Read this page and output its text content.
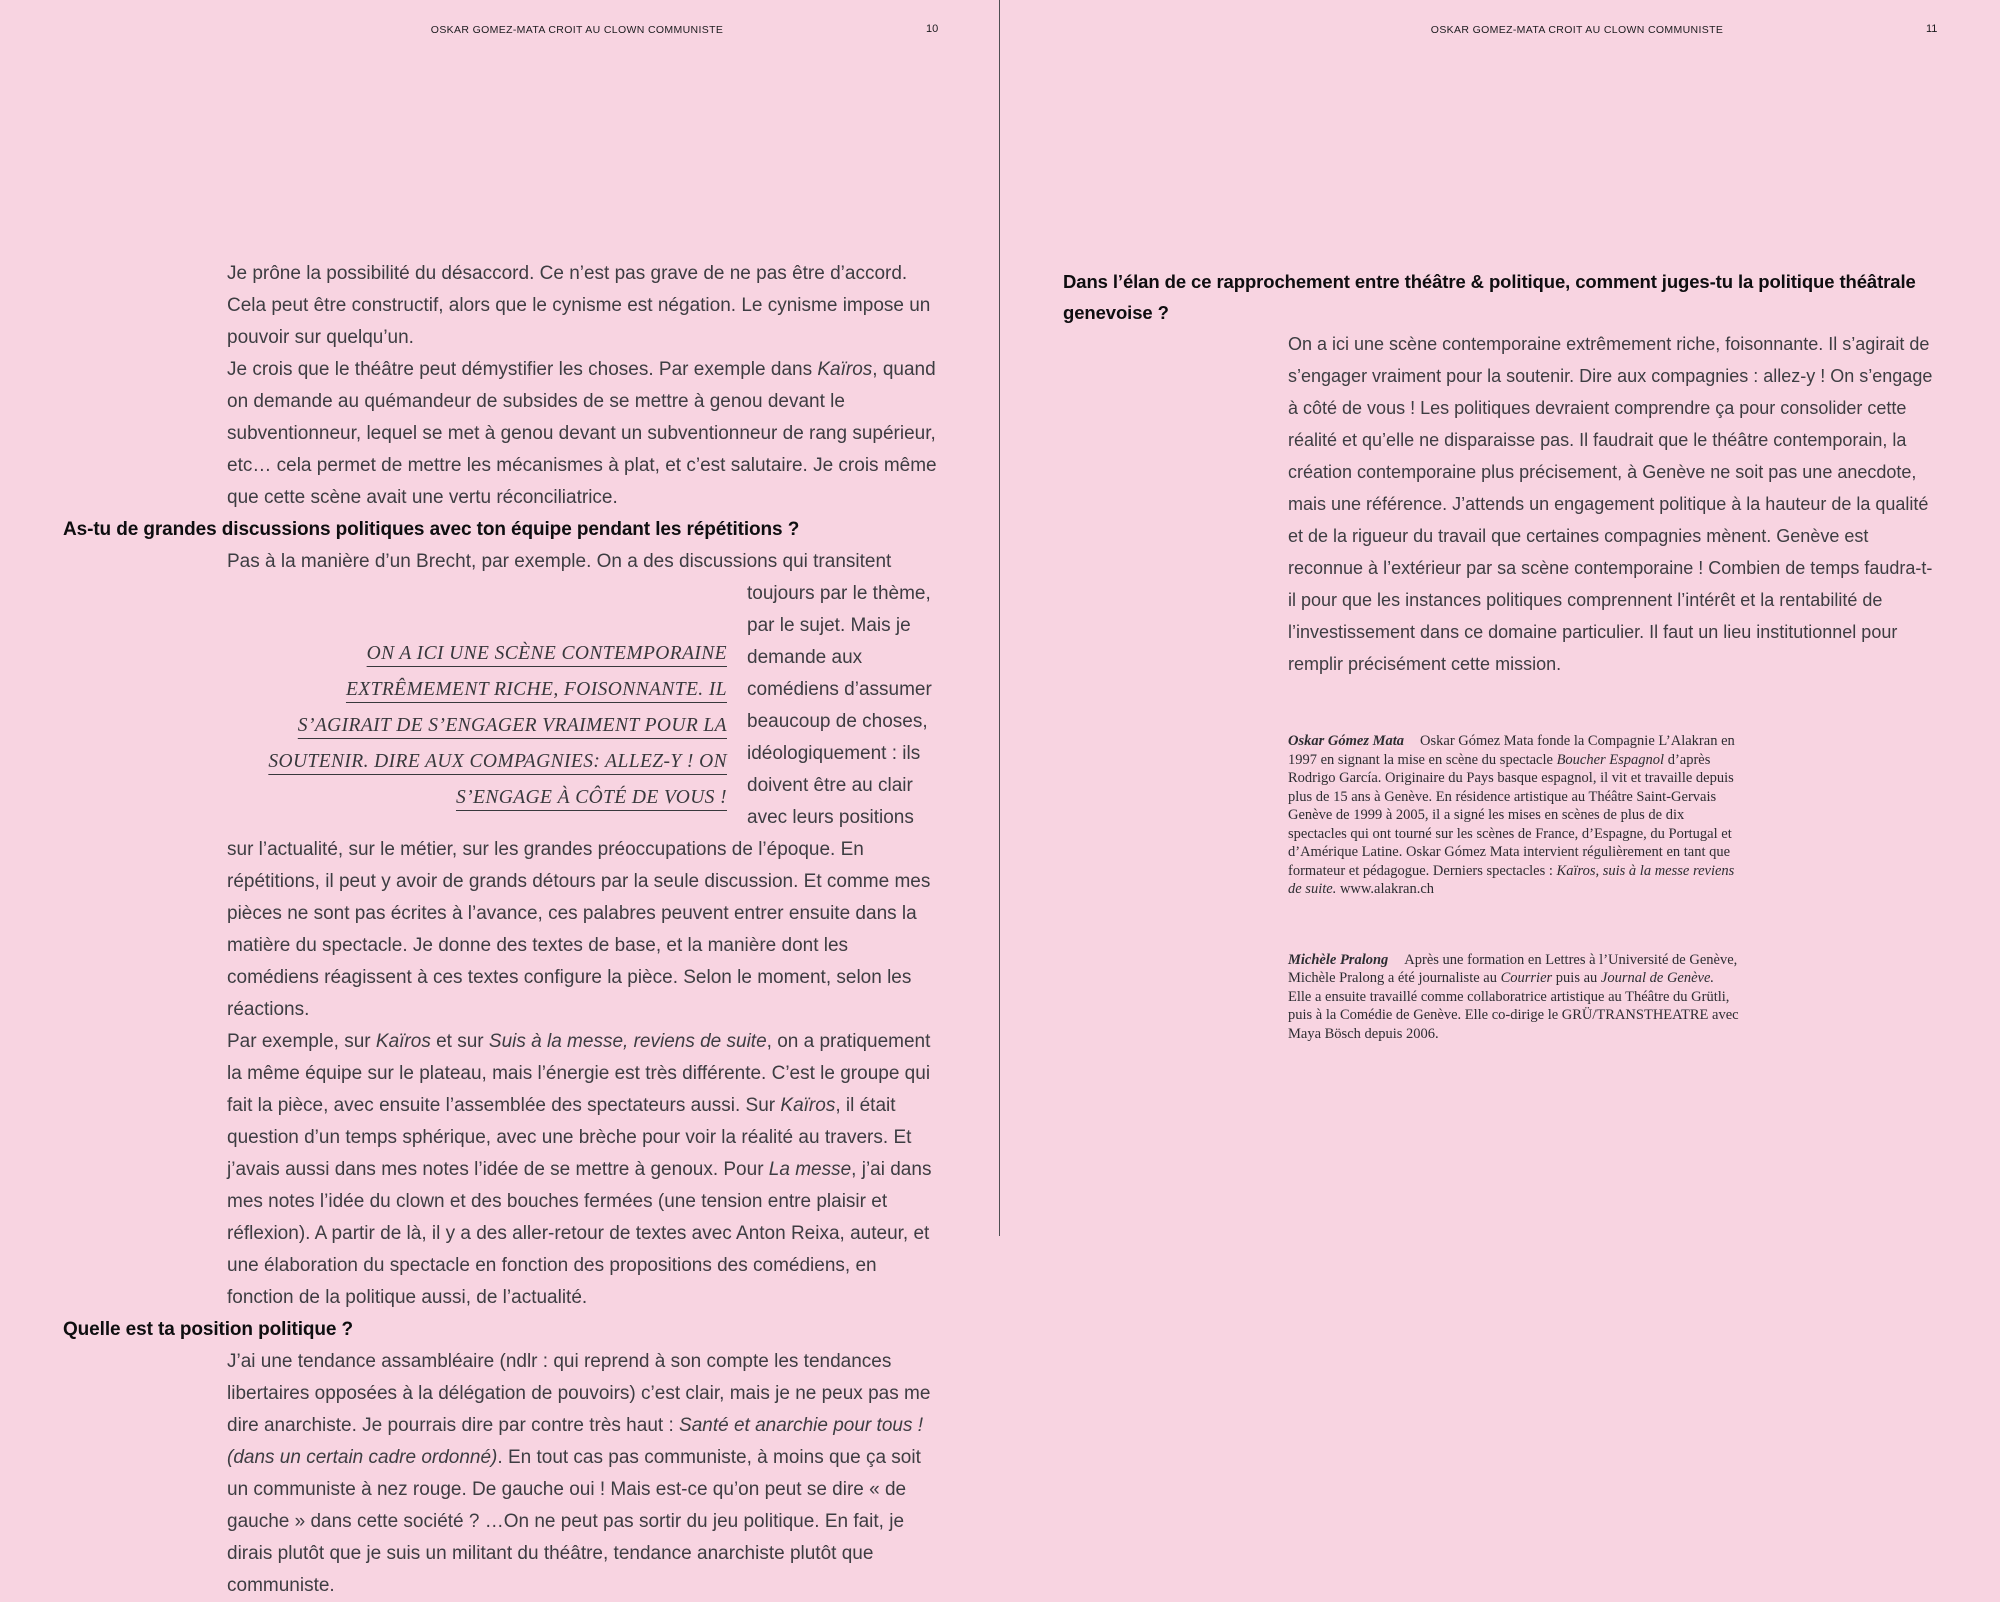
OSKAR GOMEZ-MATA CROIT AU CLOWN COMMUNISTE	10	OSKAR GOMEZ-MATA CROIT AU CLOWN COMMUNISTE	11
Je prône la possibilité du désaccord. Ce n’est pas grave de ne pas être d’accord. Cela peut être constructif, alors que le cynisme est négation. Le cynisme impose un pouvoir sur quelqu’un.
Je crois que le théâtre peut démystifier les choses. Par exemple dans Kaïros, quand on demande au quémandeur de subsides de se mettre à genou devant le subventionneur, lequel se met à genou devant un subventionneur de rang supérieur, etc… cela permet de mettre les mécanismes à plat, et c’est salutaire. Je crois même que cette scène avait une vertu réconciliatrice.
As-tu de grandes discussions politiques avec ton équipe pendant les répétitions ?
Pas à la manière d’un Brecht, par exemple. On a des discussions qui transitent
ON A ICI UNE SCÈNE CONTEMPORAINE
EXTRÊMEMENT RICHE, FOISONNANTE. IL
S’AGIRAIT DE S’ENGAGER VRAIMENT POUR LA
SOUTENIR. DIRE AUX COMPAGNIES: ALLEZ-Y ! ON
S’ENGAGE À CÔTÉ DE VOUS !
toujours par le thème, par le sujet. Mais je demande aux comédiens d’assumer beaucoup de choses, idéologiquement : ils doivent être au clair avec leurs positions sur l’actualité, sur le métier, sur les grandes préoccupations de l’époque. En répétitions, il peut y avoir de grands détours par la seule discussion. Et comme mes pièces ne sont pas écrites à l’avance, ces palabres peuvent entrer ensuite dans la matière du spectacle. Je donne des textes de base, et la manière dont les comédiens réagissent à ces textes configure la pièce. Selon le moment, selon les réactions.
Par exemple, sur Kaïros et sur Suis à la messe, reviens de suite, on a pratiquement la même équipe sur le plateau, mais l’énergie est très différente. C’est le groupe qui fait la pièce, avec ensuite l’assemblée des spectateurs aussi. Sur Kaïros, il était question d’un temps sphérique, avec une brèche pour voir la réalité au travers. Et j’avais aussi dans mes notes l’idée de se mettre à genoux. Pour La messe, j’ai dans mes notes l’idée du clown et des bouches fermées (une tension entre plaisir et réflexion). A partir de là, il y a des aller-retour de textes avec Anton Reixa, auteur, et une élaboration du spectacle en fonction des propositions des comédiens, en fonction de la politique aussi, de l’actualité.
Quelle est ta position politique ?
J’ai une tendance assambléaire (ndlr : qui reprend à son compte les tendances libertaires opposées à la délégation de pouvoirs) c’est clair, mais je ne peux pas me dire anarchiste. Je pourrais dire par contre très haut : Santé et anarchie pour tous ! (dans un certain cadre ordonné). En tout cas pas communiste, à moins que ça soit un communiste à nez rouge. De gauche oui ! Mais est-ce qu’on peut se dire « de gauche » dans cette société ? …On ne peut pas sortir du jeu politique. En fait, je dirais plutôt que je suis un militant du théâtre, tendance anarchiste plutôt que communiste.
Dans l’élan de ce rapprochement entre théâtre & politique, comment juges-tu la politique théâtrale genevoise ?
On a ici une scène contemporaine extrêmement riche, foisonnante. Il s’agirait de s’engager vraiment pour la soutenir. Dire aux compagnies : allez-y ! On s’engage à côté de vous ! Les politiques devraient comprendre ça pour consolider cette réalité et qu’elle ne disparaisse pas. Il faudrait que le théâtre contemporain, la création contemporaine plus précisement, à Genève ne soit pas une anecdote, mais une référence. J’attends un engagement politique à la hauteur de la qualité et de la rigueur du travail que certaines compagnies mènent. Genève est reconnue à l’extérieur par sa scène contemporaine ! Combien de temps faudra-t-il pour que les instances politiques comprennent l’intérêt et la rentabilité de l’investissement dans ce domaine particulier. Il faut un lieu institutionnel pour remplir précisément cette mission.
Oskar Gómez Mata Oskar Gómez Mata fonde la Compagnie L’Alakran en 1997 en signant la mise en scène du spectacle Boucher Espagnol d’après Rodrigo García. Originaire du Pays basque espagnol, il vit et travaille depuis plus de 15 ans à Genève. En résidence artistique au Théâtre Saint-Gervais Genève de 1999 à 2005, il a signé les mises en scènes de plus de dix spectacles qui ont tourné sur les scènes de France, d’Espagne, du Portugal et d’Amérique Latine. Oskar Gómez Mata intervient régulièrement en tant que formateur et pédagogue. Derniers spectacles : Kaïros, suis à la messe reviens de suite. www.alakran.ch
Michèle Pralong Après une formation en Lettres à l’Université de Genève, Michèle Pralong a été journaliste au Courrier puis au Journal de Genève. Elle a ensuite travaillé comme collaboratrice artistique au Théâtre du Grütli, puis à la Comédie de Genève. Elle co-dirige le GRÜ/TRANSTHEATRE avec Maya Bösch depuis 2006.
